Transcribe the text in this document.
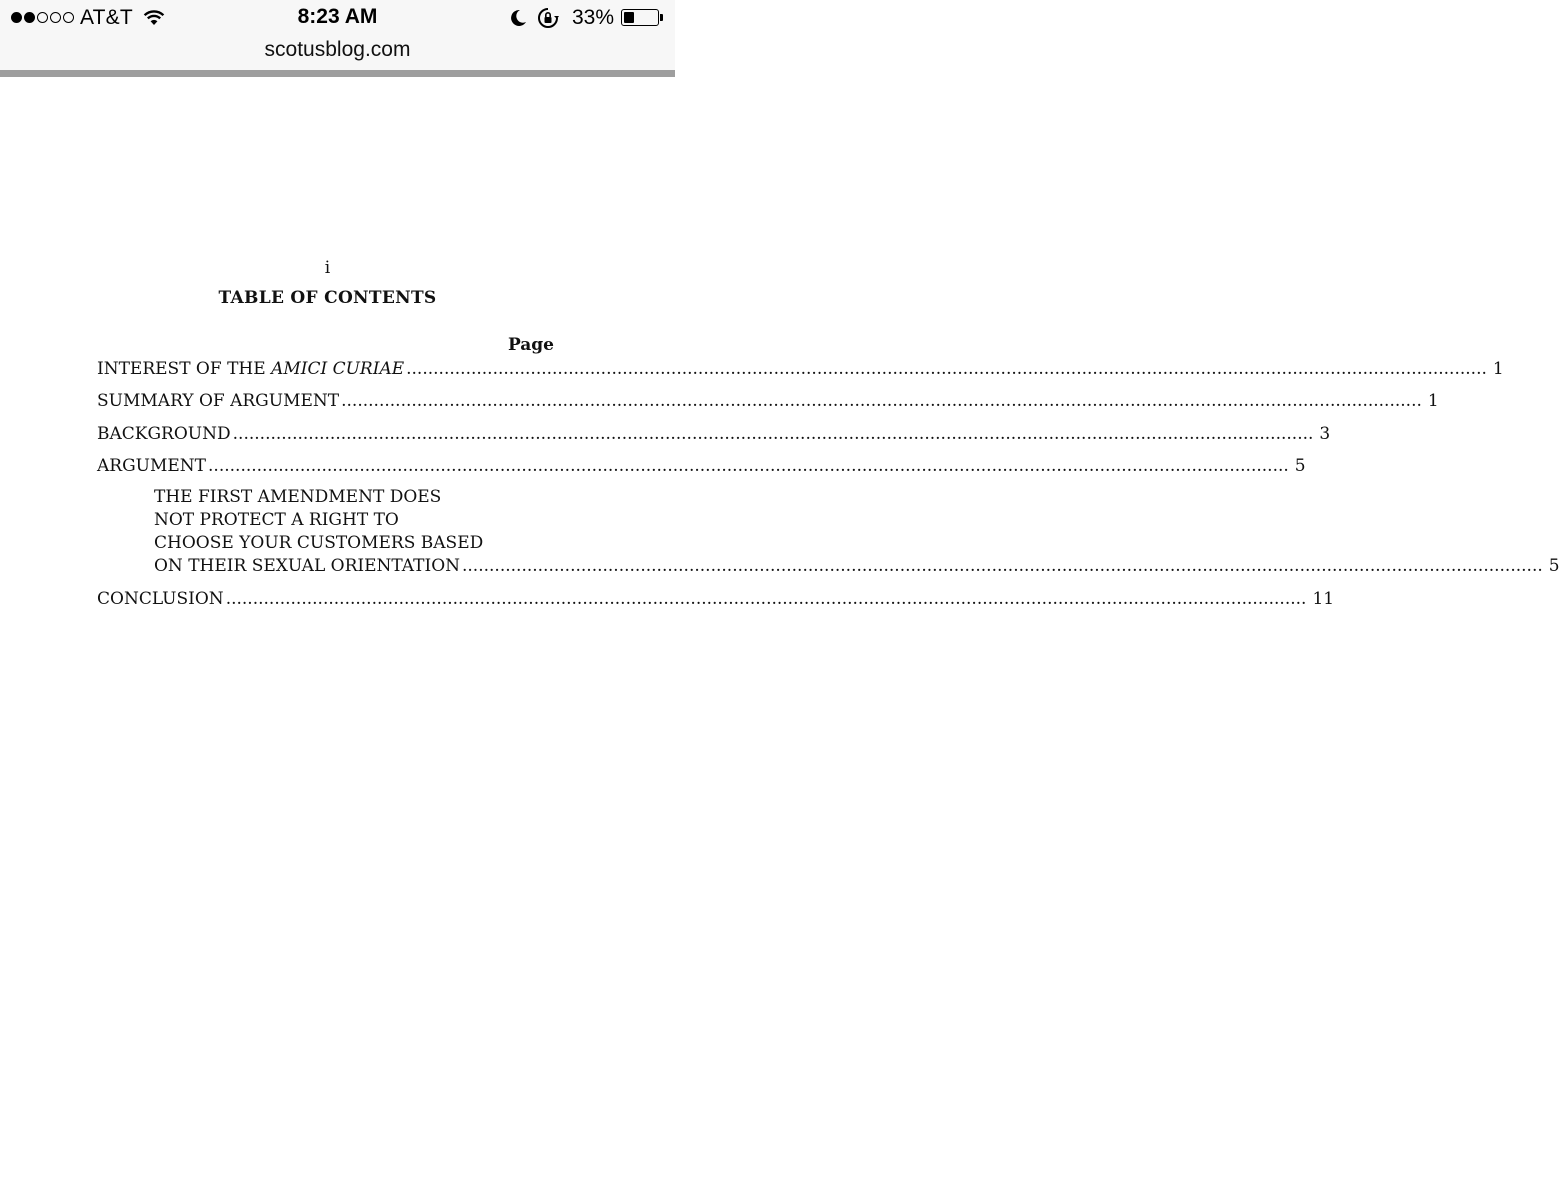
AT&T	8:23 AM	33%
scotusblog.com
i
TABLE OF CONTENTS
Page
INTEREST OF THE AMICI CURIAE ........................................................................................................................................................................................................ 1
SUMMARY OF ARGUMENT ........................................................................................................................................................................................................ 1
BACKGROUND ........................................................................................................................................................................................................ 3
ARGUMENT ........................................................................................................................................................................................................ 5
THE FIRST AMENDMENT DOES
NOT PROTECT A RIGHT TO
CHOOSE YOUR CUSTOMERS BASED
ON THEIR SEXUAL ORIENTATION ........................................................................................................................................................................................................ 5
CONCLUSION ........................................................................................................................................................................................................ 11
